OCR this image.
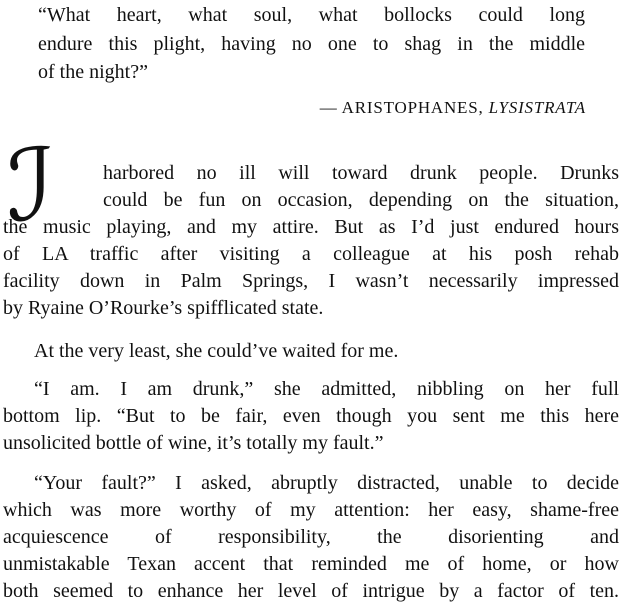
“What heart, what soul, what bollocks could long
endure this plight, having no one to shag in the middle
of the night?”
— ARISTOPHANES, LYSISTRATA
ℐ	harbored no ill will toward drunk people. Drunks
could be fun on occasion, depending on the situation,
the music playing, and my attire. But as I’d just endured hours
of LA traffic after visiting a colleague at his posh rehab
facility down in Palm Springs, I wasn’t necessarily impressed
by Ryaine O’Rourke’s spifflicated state.
At the very least, she could’ve waited for me.
“I am. I am drunk,” she admitted, nibbling on her full
bottom lip. “But to be fair, even though you sent me this here
unsolicited bottle of wine, it’s totally my fault.”
“Your fault?” I asked, abruptly distracted, unable to decide
which was more worthy of my attention: her easy, shame-free
acquiescence of responsibility, the disorienting and
unmistakable Texan accent that reminded me of home, or how
both seemed to enhance her level of intrigue by a factor of ten.
